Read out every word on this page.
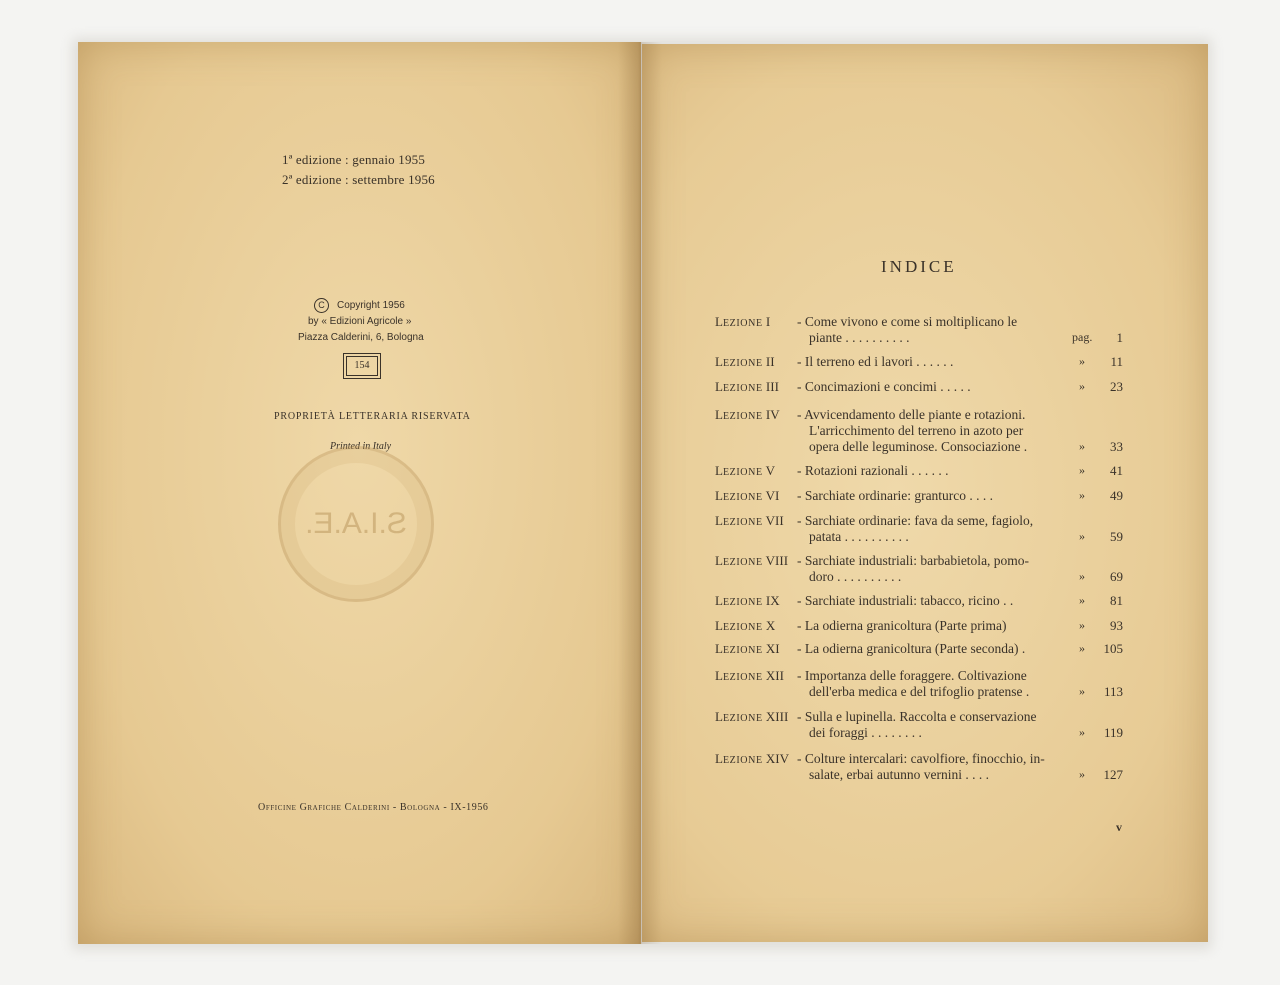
1ª edizione : gennaio 1955
2ª edizione : settembre 1956
C Copyright 1956
by « Edizioni Agricole »
Piazza Calderini, 6, Bologna
154
PROPRIETÀ LETTERARIA RISERVATA
Printed in Italy
S.I.A.E.
Officine Grafiche Calderini - Bologna - IX-1956
INDICE
LEZIONE I - Come vivono e come si moltiplicano le
piante . . . . . . . . . .	pag.	1
LEZIONE II - Il terreno ed i lavori . . . . . .	»	11
LEZIONE III - Concimazioni e concimi . . . . .	»	23
LEZIONE IV - Avvicendamento delle piante e rotazioni.
L'arricchimento del terreno in azoto per
opera delle leguminose. Consociazione .	»	33
LEZIONE V - Rotazioni razionali . . . . . .	»	41
LEZIONE VI - Sarchiate ordinarie: granturco . . . .	»	49
LEZIONE VII - Sarchiate ordinarie: fava da seme, fagiolo,
patata . . . . . . . . . .	»	59
LEZIONE VIII - Sarchiate industriali: barbabietola, pomo-
doro . . . . . . . . . .	»	69
LEZIONE IX - Sarchiate industriali: tabacco, ricino . .	»	81
LEZIONE X - La odierna granicoltura (Parte prima)	»	93
LEZIONE XI - La odierna granicoltura (Parte seconda) .	»	105
LEZIONE XII - Importanza delle foraggere. Coltivazione
dell'erba medica e del trifoglio pratense .	»	113
LEZIONE XIII - Sulla e lupinella. Raccolta e conservazione
dei foraggi . . . . . . . .	»	119
LEZIONE XIV - Colture intercalari: cavolfiore, finocchio, in-
salate, erbai autunno vernini . . . .	»	127
v
